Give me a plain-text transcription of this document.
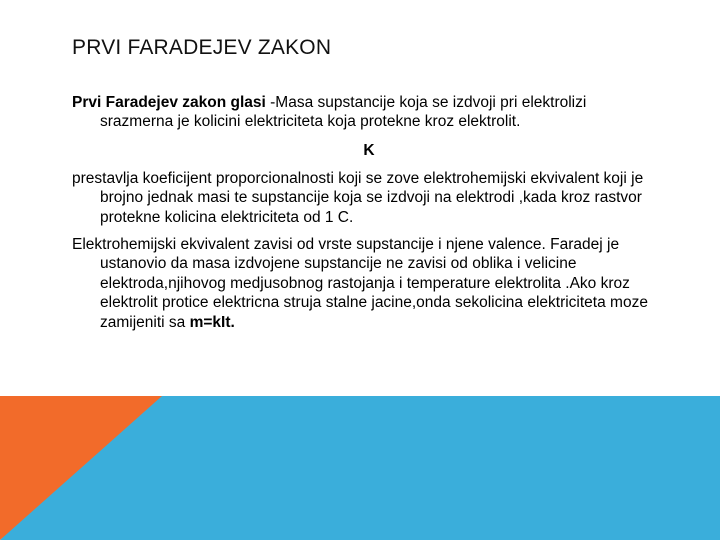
PRVI FARADEJEV ZAKON

Prvi Faradejev zakon glasi -Masa supstancije koja se izdvoji pri elektrolizi srazmerna je kolicini elektriciteta koja protekne kroz elektrolit.

K

prestavlja koeficijent proporcionalnosti koji se zove elektrohemijski ekvivalent koji je brojno jednak masi te supstancije koja se izdvoji na elektrodi ,kada kroz rastvor protekne kolicina elektriciteta od 1 C.

Elektrohemijski ekvivalent zavisi od vrste supstancije i njene valence. Faradej je ustanovio da masa izdvojene supstancije ne zavisi od oblika i velicine elektroda,njihovog medjusobnog rastojanja i temperature elektrolita .Ako kroz elektrolit protice elektricna struja stalne jacine,onda sekolicina elektriciteta moze zamijeniti sa m=kIt.
